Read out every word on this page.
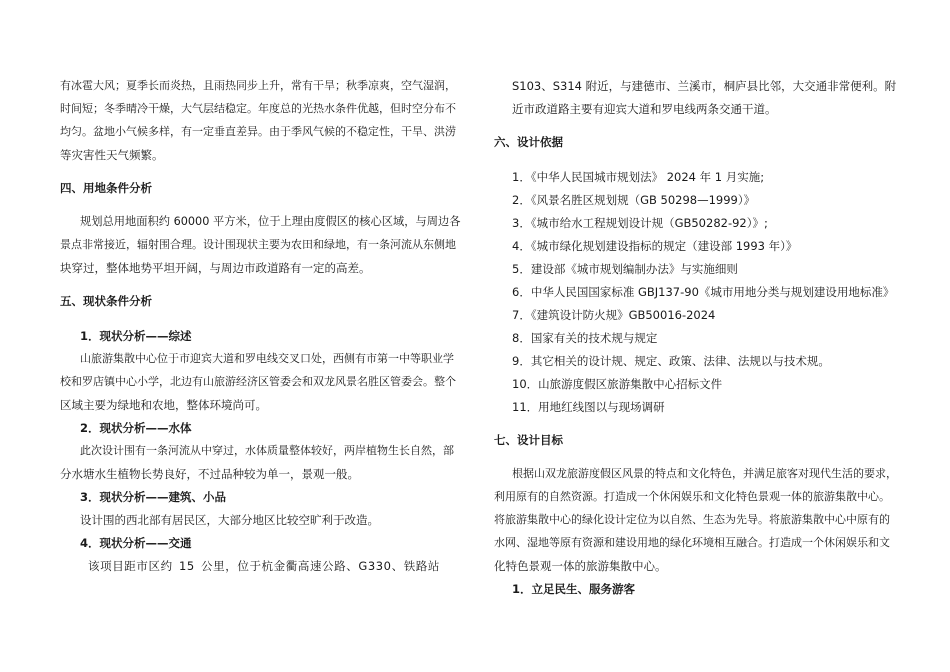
有冰雹大风；夏季长而炎热，且雨热同步上升，常有干旱；秋季凉爽，空气湿润，
时间短；冬季晴冷干燥，大气层结稳定。年度总的光热水条件优越，但时空分布不
均匀。盆地小气候多样，有一定垂直差异。由于季风气候的不稳定性，干旱、洪涝
等灾害性天气频繁。
四、用地条件分析
规划总用地面积约 60000 平方米，位于上理由度假区的核心区域，与周边各
景点非常接近，辐射围合理。设计围现状主要为农田和绿地，有一条河流从东侧地
块穿过，整体地势平坦开阔，与周边市政道路有一定的高差。
五、现状条件分析
1．现状分析——综述
山旅游集散中心位于市迎宾大道和罗电线交叉口处，西侧有市第一中等职业学
校和罗店镇中心小学，北边有山旅游经济区管委会和双龙风景名胜区管委会。整个
区域主要为绿地和农地，整体环境尚可。
2．现状分析——水体
此次设计围有一条河流从中穿过，水体质量整体较好，两岸植物生长自然，部
分水塘水生植物长势良好，不过品种较为单一，景观一般。
3．现状分析——建筑、小品
设计围的西北部有居民区，大部分地区比较空旷利于改造。
4．现状分析——交通
该项目距市区约 15 公里，位于杭金衢高速公路、G330、铁路站
S103、S314 附近，与建德市、兰溪市，桐庐县比邻，大交通非常便利。附
近市政道路主要有迎宾大道和罗电线两条交通干道。
六、设计依据
1．《中华人民国城市规划法》 2024 年 1 月实施;
2．《风景名胜区规划规（GB 50298—1999）》
3．《城市给水工程规划设计规（GB50282-92）》;
4．《城市绿化规划建设指标的规定（建设部 1993 年）》
5．建设部《城市规划编制办法》与实施细则
6．中华人民国国家标准 GBJ137-90《城市用地分类与规划建设用地标准》
7．《建筑设计防火规》GB50016-2024
8．国家有关的技术规与规定
9．其它相关的设计规、规定、政策、法律、法规以与技术规。
10．山旅游度假区旅游集散中心招标文件
11．用地红线图以与现场调研
七、设计目标
根据山双龙旅游度假区风景的特点和文化特色，并满足旅客对现代生活的要求，
利用原有的自然资源。打造成一个休闲娱乐和文化特色景观一体的旅游集散中心。
将旅游集散中心的绿化设计定位为以自然、生态为先导。将旅游集散中心中原有的
水网、湿地等原有资源和建设用地的绿化环境相互融合。打造成一个休闲娱乐和文
化特色景观一体的旅游集散中心。
1．立足民生、服务游客
